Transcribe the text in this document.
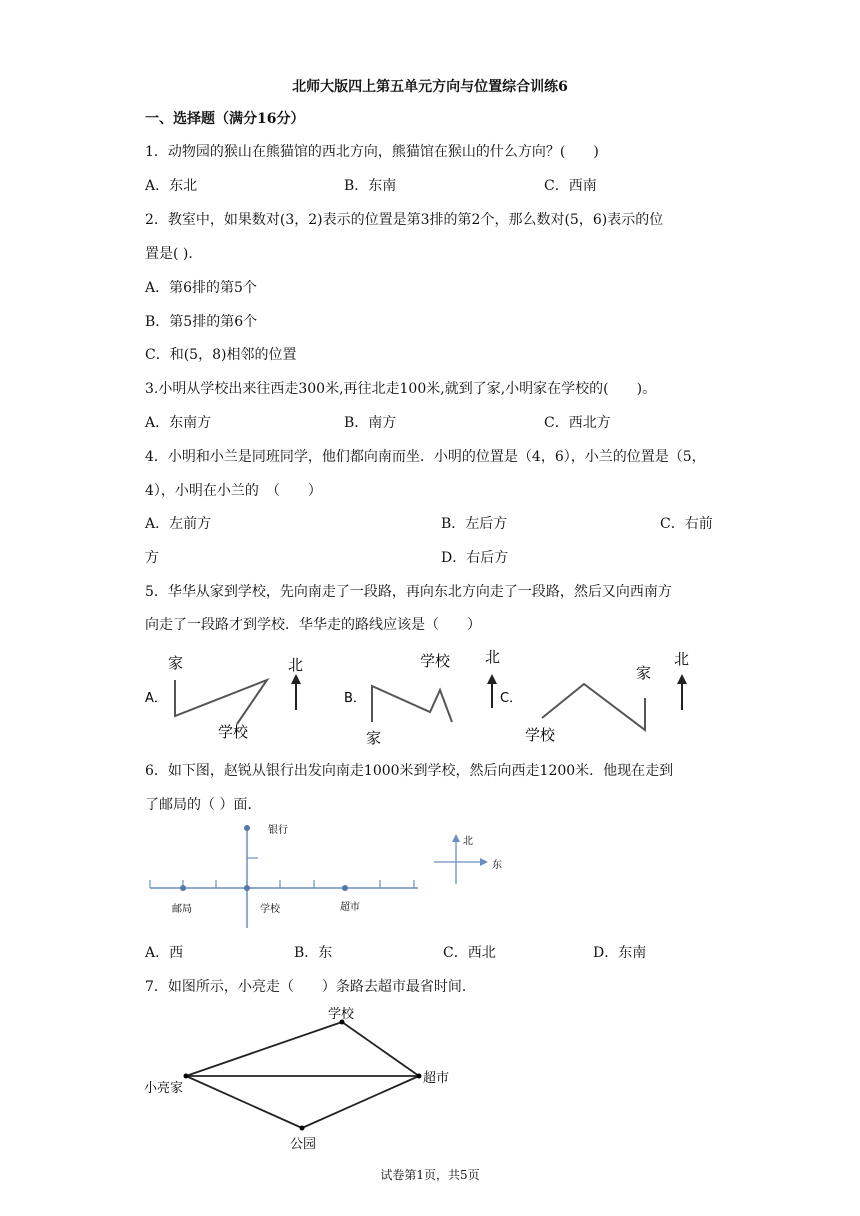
北师大版四上第五单元方向与位置综合训练6
一、选择题（满分16分）
1．动物园的猴山在熊猫馆的西北方向，熊猫馆在猴山的什么方向？(　　)
A．东北	B．东南	C．西南
2．教室中，如果数对(3，2)表示的位置是第3排的第2个，那么数对(5，6)表示的位
置是( )．
A．第6排的第5个
B．第5排的第6个
C．和(5，8)相邻的位置
3.小明从学校出来往西走300米,再往北走100米,就到了家,小明家在学校的(　　)。
A．东南方	B．南方	C．西北方
4．小明和小兰是同班同学，他们都向南而坐．小明的位置是（4，6），小兰的位置是（5，
4），小明在小兰的　（　　）
A．左前方	B．左后方	C．右前
方	D．右后方
5．华华从家到学校，先向南走了一段路，再向东北方向走了一段路，然后又向西南方
向走了一段路才到学校．华华走的路线应该是（　　）
A．
家
学校
北
B．
家
学校 北
C．
学校
家
北
6．如下图，赵锐从银行出发向南走1000米到学校，然后向西走1200米．他现在走到
了邮局的（ ）面．
银行
邮局	学校	超市
北
东
A．西	B．东	C．西北	D．东南
7．如图所示，小亮走（　　）条路去超市最省时间．
学校
小亮家
超市
公园
试卷第1页，共5页
